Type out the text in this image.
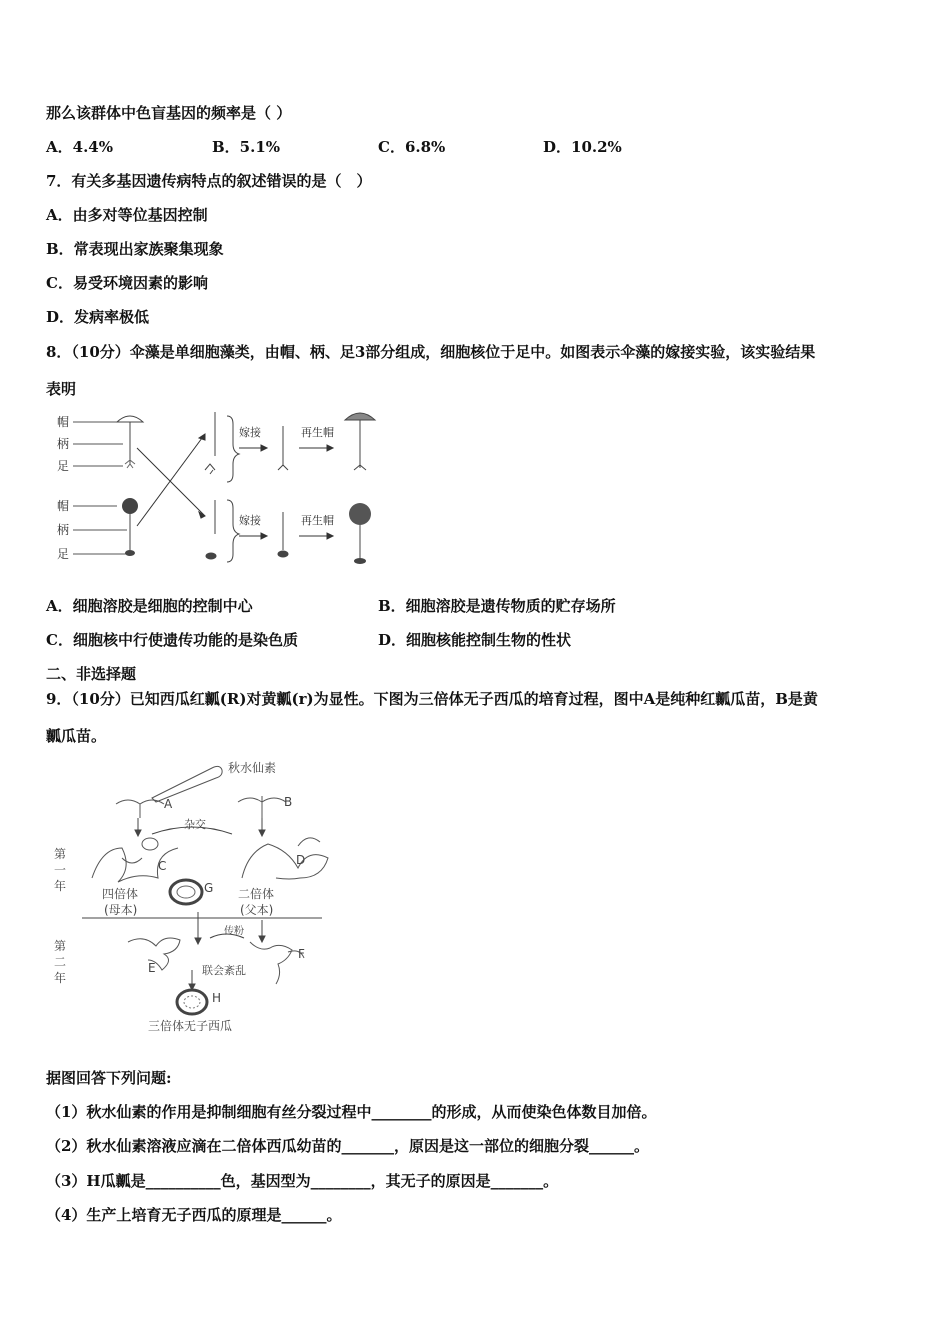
那么该群体中色盲基因的频率是（ ）
A．4.4%	B．5.1%	C．6.8%	D．10.2%
7．有关多基因遗传病特点的叙述错误的是（　）
A．由多对等位基因控制
B．常表现出家族聚集现象
C．易受环境因素的影响
D．发病率极低
8．（10分）伞藻是单细胞藻类，由帽、柄、足3部分组成，细胞核位于足中。如图表示伞藻的嫁接实验，该实验结果
表明
帽
柄
足
帽
柄
足
嫁接
嫁接
再生帽
再生帽
A．细胞溶胶是细胞的控制中心	B．细胞溶胶是遗传物质的贮存场所
C．细胞核中行使遗传功能的是染色质	D．细胞核能控制生物的性状
二、非选择题
9．（10分）已知西瓜红瓤(R)对黄瓤(r)为显性。下图为三倍体无子西瓜的培育过程，图中A是纯种红瓤瓜苗，B是黄
瓤瓜苗。
秋水仙素
第
一
年
第
二
年
A	B
杂交
C	D
四倍体
(母本)
二倍体
(父本)
G
传粉
E
F
联会紊乱
H
三倍体无子西瓜
据图回答下列问题:
（1）秋水仙素的作用是抑制细胞有丝分裂过程中________的形成，从而使染色体数目加倍。
（2）秋水仙素溶液应滴在二倍体西瓜幼苗的_______，原因是这一部位的细胞分裂______。
（3）H瓜瓤是__________色，基因型为________，其无子的原因是_______。
（4）生产上培育无子西瓜的原理是______。
